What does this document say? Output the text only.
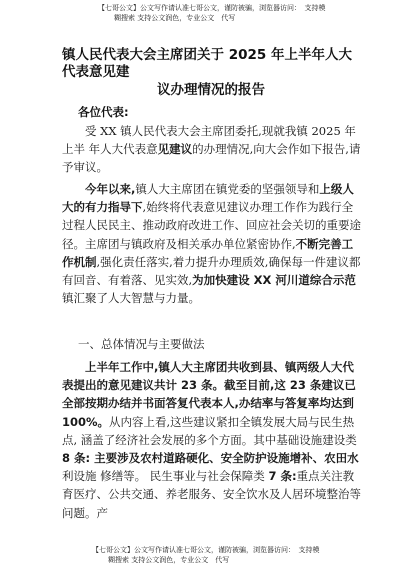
【七哥公文】公文写作请认准七哥公文，谨防被骗，浏览器访问：　支持模
糊搜索 支持公文润色，专业公文　代写
镇人民代表大会主席团关于 2025 年上半年人大代表意见建
议办理情况的报告
各位代表:
受 XX 镇人民代表大会主席团委托,现就我镇 2025 年上半 年人大代表意见建议的办理情况,向大会作如下报告,请予审议。
今年以来,镇人大主席团在镇党委的坚强领导和上级人大的有力指导下,始终将代表意见建议办理工作作为践行全过程人民民主、推动政府改进工作、回应社会关切的重要途径。主席团与镇政府及相关承办单位紧密协作,不断完善工作机制,强化责任落实,着力提升办理质效,确保每一件建议都有回音、有着落、见实效,为加快建设 XX 河川道综合示范 镇汇聚了人大智慧与力量。
一、总体情况与主要做法
上半年工作中,镇人大主席团共收到县、镇两级人大代表提出的意见建议共计 23 条。截至目前,这 23 条建议已全部按期办结并书面答复代表本人,办结率与答复率均达到 100%。从内容上看,这些建议紧扣全镇发展大局与民生热点, 涵盖了经济社会发展的多个方面。其中基础设施建设类 8 条: 主要涉及农村道路硬化、安全防护设施增补、农田水利设施 修缮等。 民生事业与社会保障类 7 条:重点关注教育医疗、公共交通、养老服务、安全饮水及人居环境整治等问题。产
【七哥公文】公文写作请认准七哥公文，谨防被骗，浏览器访问：　支持模
糊搜索 支持公文润色，专业公文　代写
